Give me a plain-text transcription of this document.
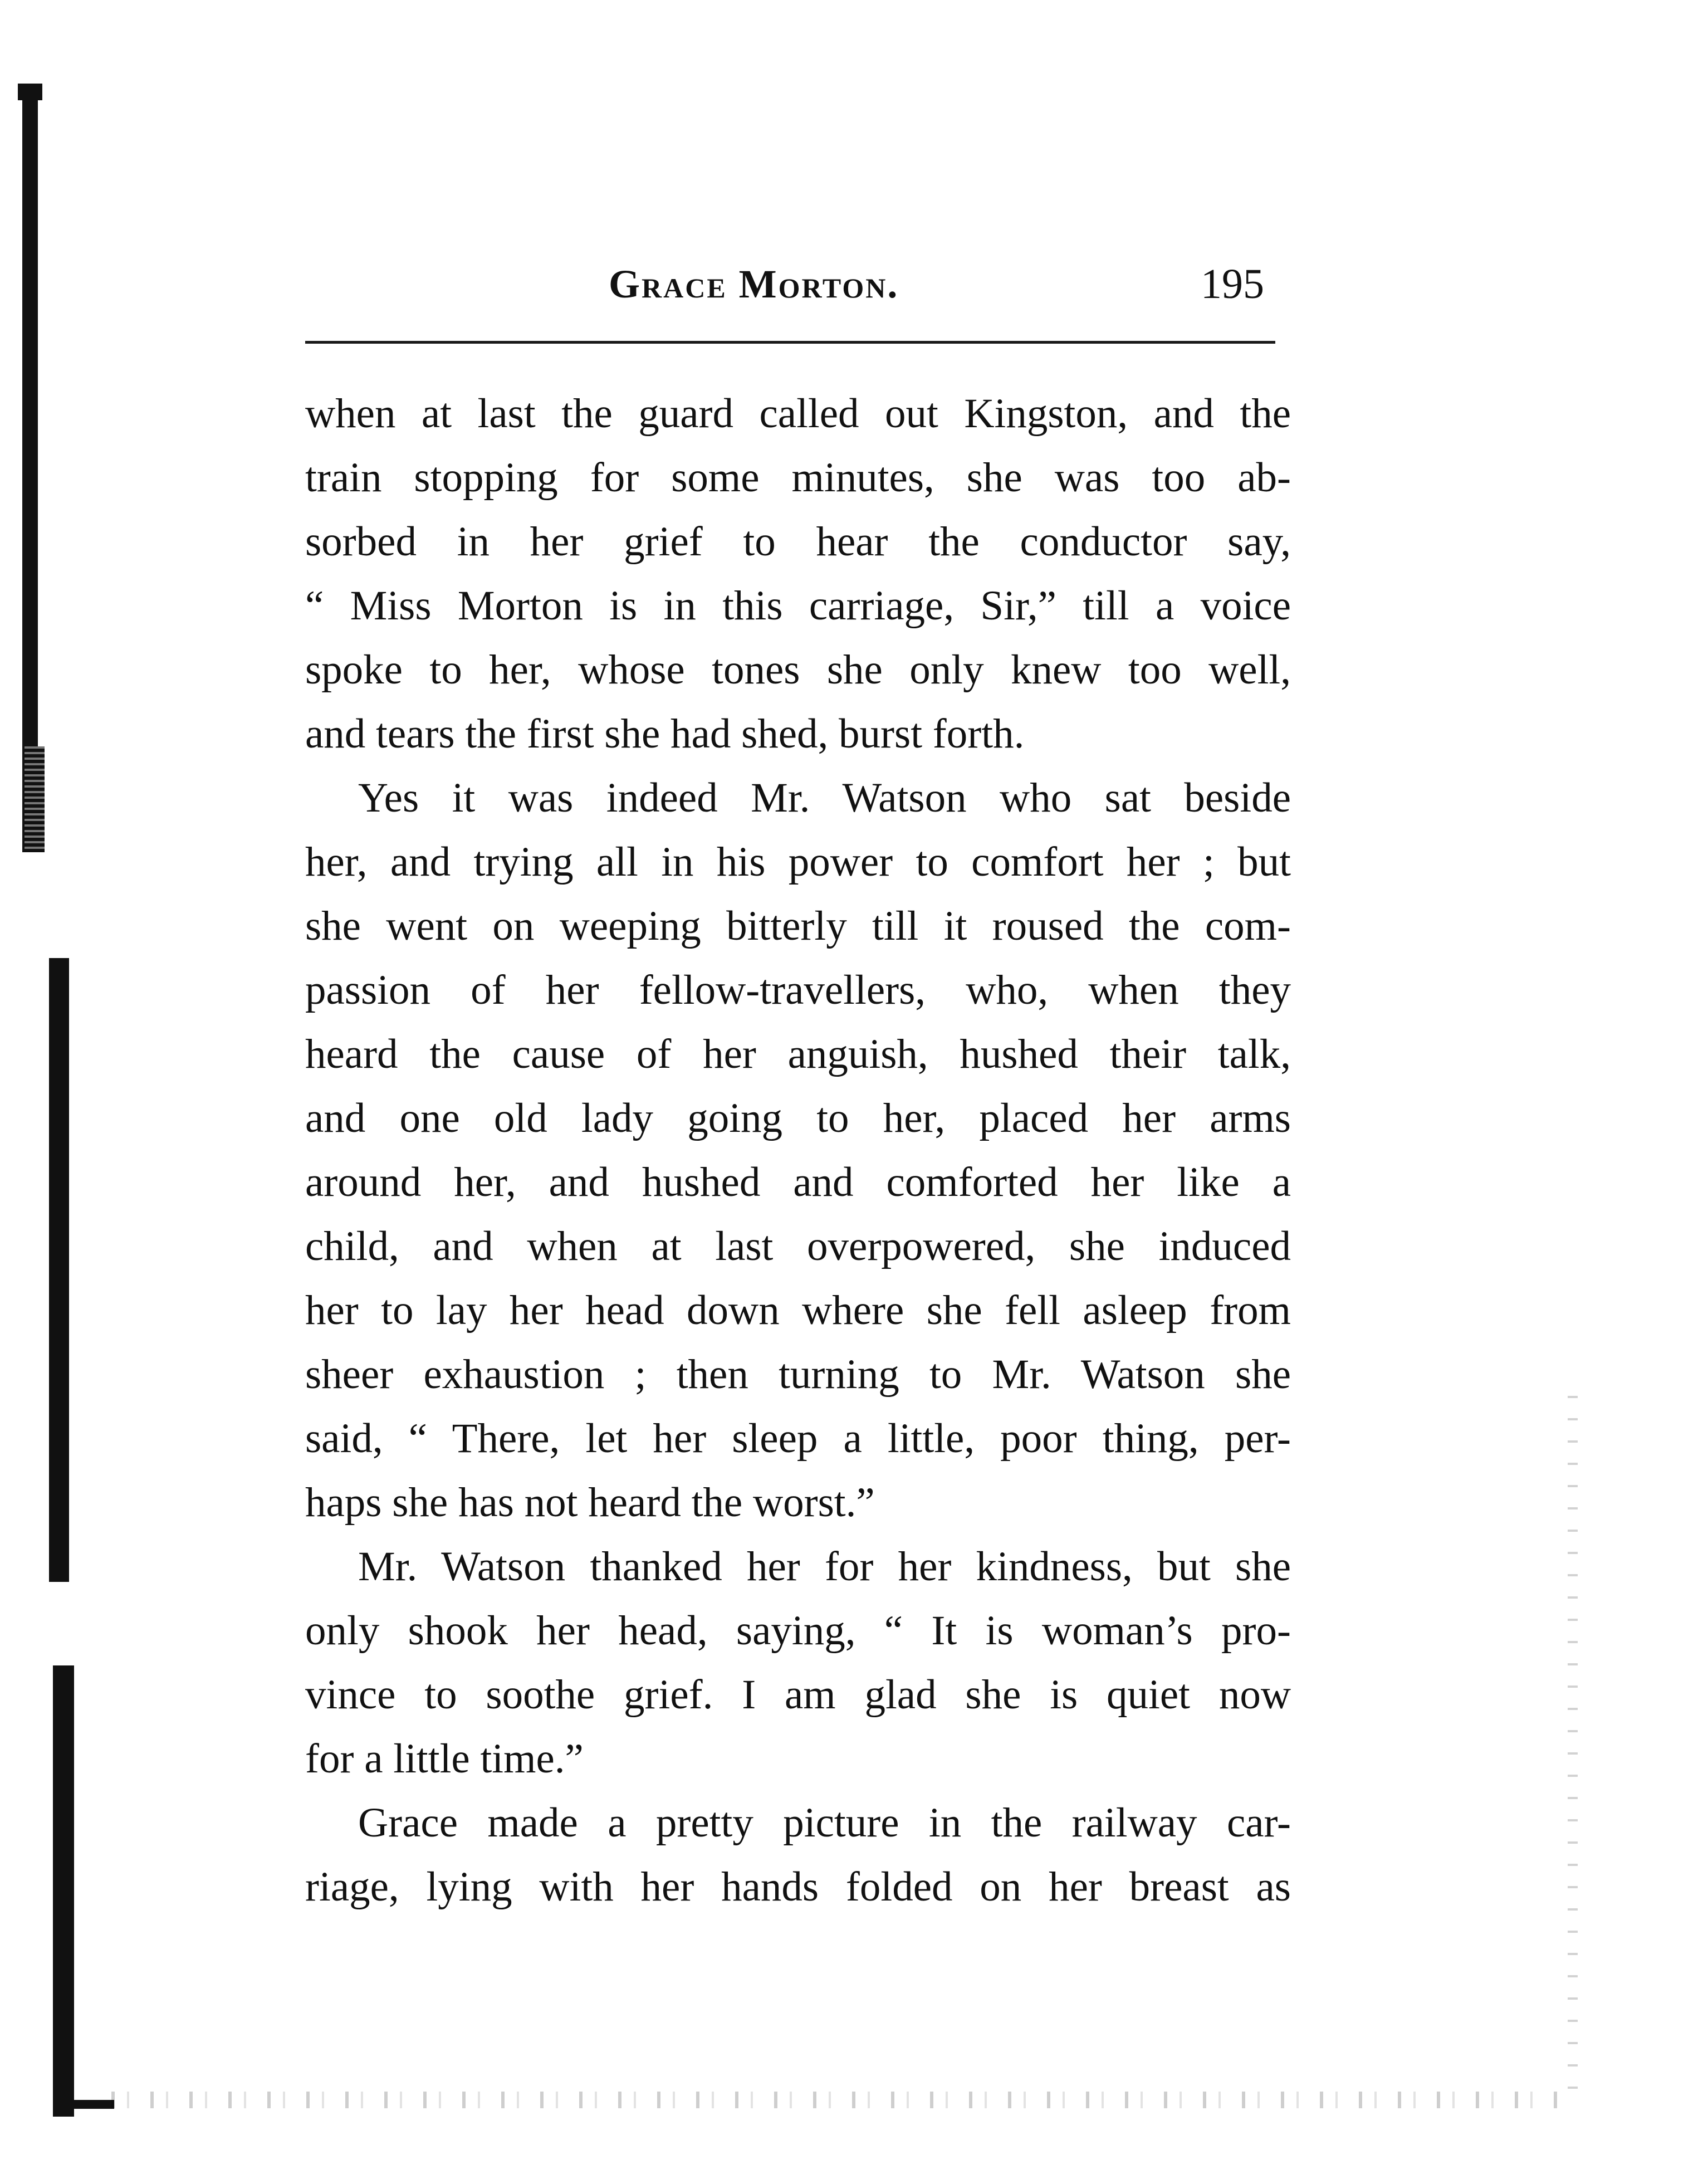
Grace Morton.	195

when at last the guard called out Kingston, and the
train stopping for some minutes, she was too ab-
sorbed in her grief to hear the conductor say,
“ Miss Morton is in this carriage, Sir,” till a voice
spoke to her, whose tones she only knew too well,
and tears the first she had shed, burst forth.

Yes it was indeed Mr. Watson who sat beside
her, and trying all in his power to comfort her ; but
she went on weeping bitterly till it roused the com-
passion of her fellow-travellers, who, when they
heard the cause of her anguish, hushed their talk,
and one old lady going to her, placed her arms
around her, and hushed and comforted her like a
child, and when at last overpowered, she induced
her to lay her head down where she fell asleep from
sheer exhaustion ; then turning to Mr. Watson she
said, “ There, let her sleep a little, poor thing, per-
haps she has not heard the worst.”

Mr. Watson thanked her for her kindness, but she
only shook her head, saying, “ It is woman’s pro-
vince to soothe grief. I am glad she is quiet now
for a little time.”

Grace made a pretty picture in the railway car-
riage, lying with her hands folded on her breast as
